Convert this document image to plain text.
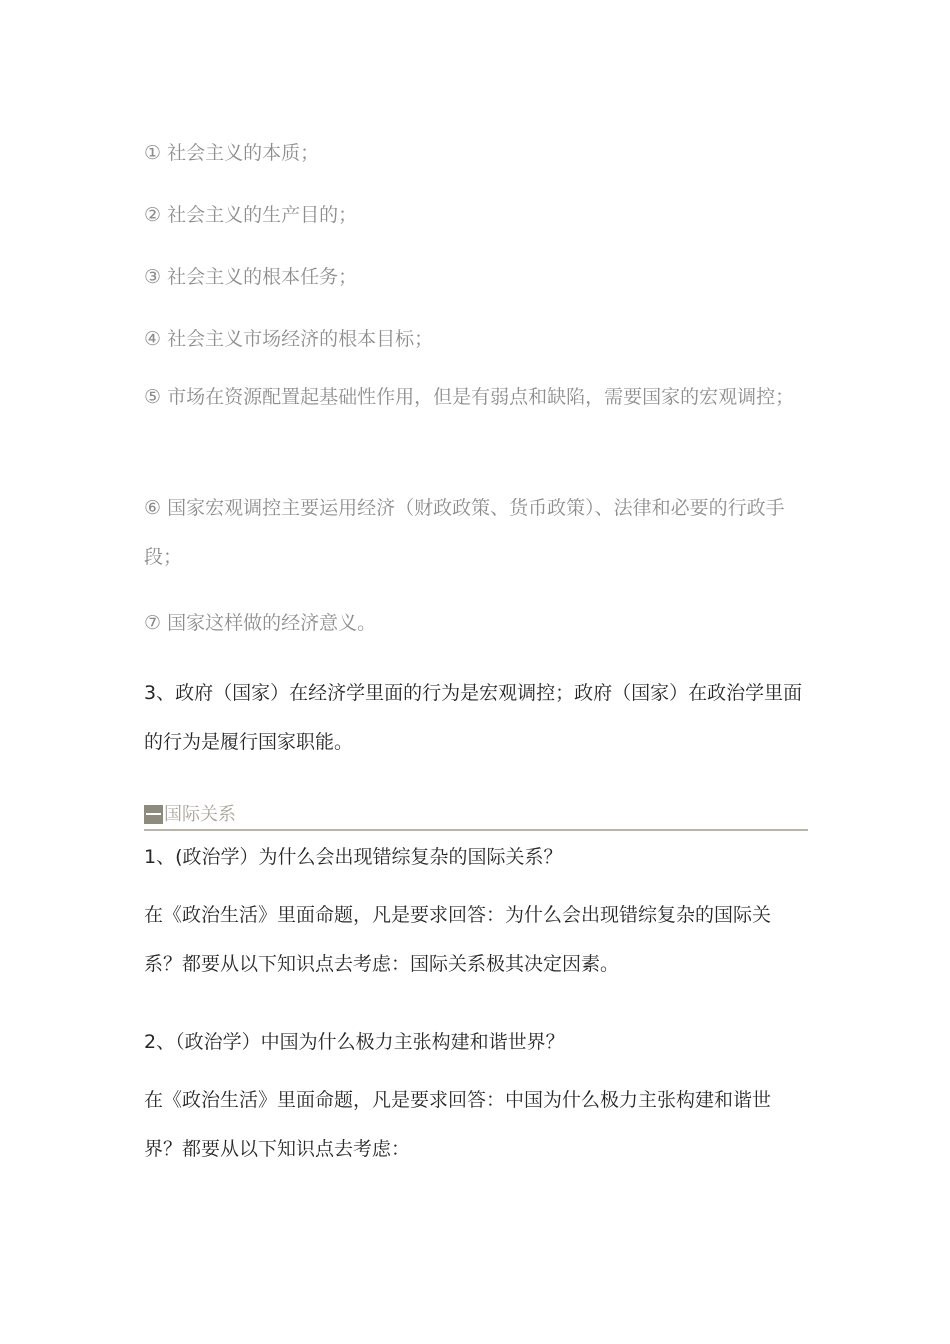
① 社会主义的本质；
② 社会主义的生产目的；
③ 社会主义的根本任务；
④ 社会主义市场经济的根本目标；
⑤ 市场在资源配置起基础性作用，但是有弱点和缺陷，需要国家的宏观调控；
⑥ 国家宏观调控主要运用经济（财政政策、货币政策）、法律和必要的行政手段；
⑦ 国家这样做的经济意义。
3、政府（国家）在经济学里面的行为是宏观调控；政府（国家）在政治学里面的行为是履行国家职能。
国际关系
1、(政治学）为什么会出现错综复杂的国际关系？
在《政治生活》里面命题，凡是要求回答：为什么会出现错综复杂的国际关系？都要从以下知识点去考虑：国际关系极其决定因素。
2、（政治学）中国为什么极力主张构建和谐世界？
在《政治生活》里面命题，凡是要求回答：中国为什么极力主张构建和谐世界？都要从以下知识点去考虑：
